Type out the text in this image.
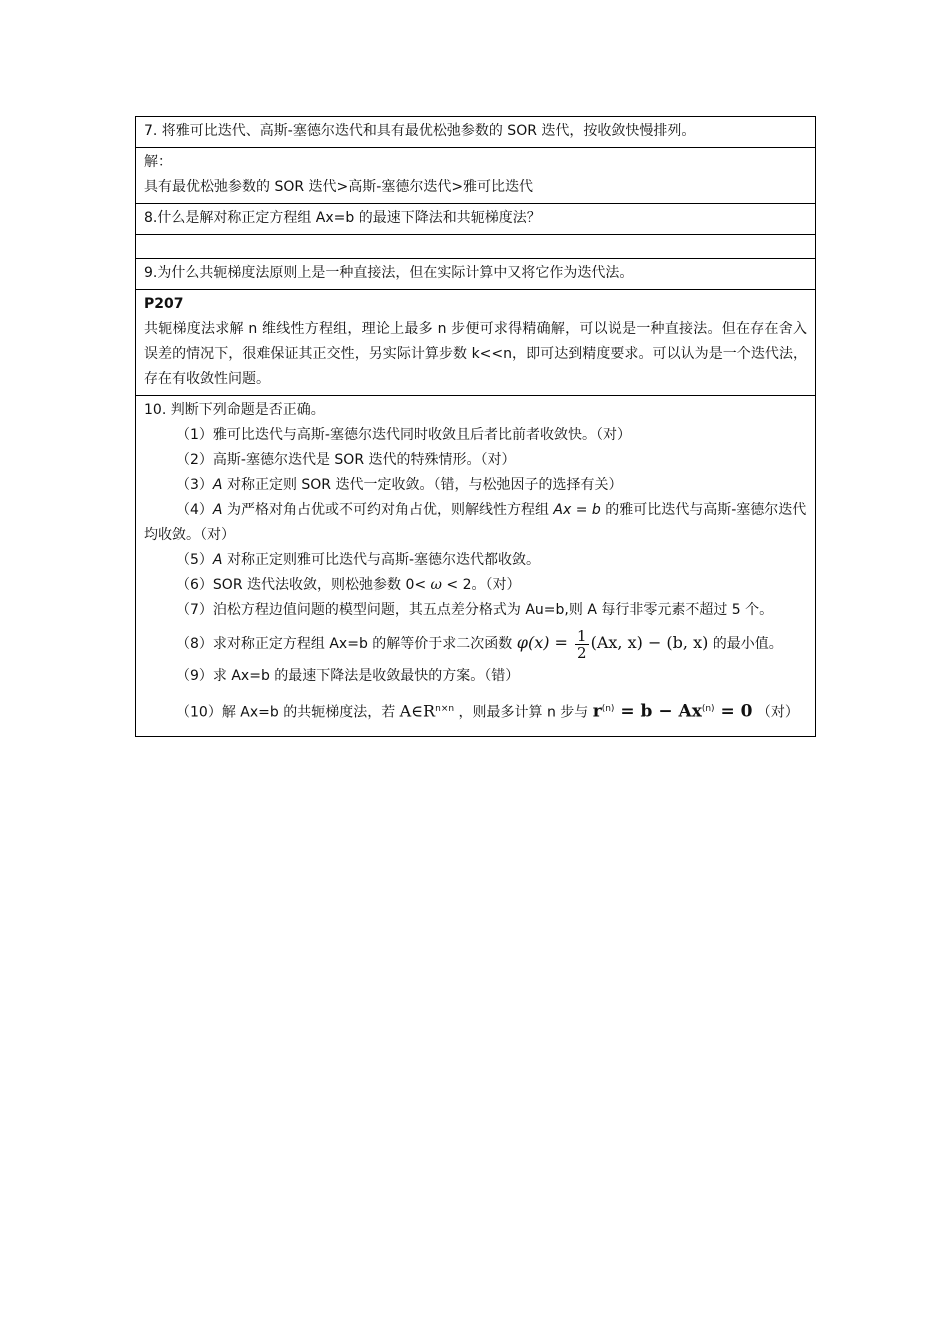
7. 将雅可比迭代、高斯-塞德尔迭代和具有最优松弛参数的 SOR 迭代，按收敛快慢排列。

解：

具有最优松弛参数的 SOR 迭代>高斯-塞德尔迭代>雅可比迭代

8.什么是解对称正定方程组 Ax=b 的最速下降法和共轭梯度法？

9.为什么共轭梯度法原则上是一种直接法，但在实际计算中又将它作为迭代法。

P207

共轭梯度法求解 n 维线性方程组，理论上最多 n 步便可求得精确解，可以说是一种直接法。但在存在舍入误差的情况下，很难保证其正交性，另实际计算步数 k<<n，即可达到精度要求。可以认为是一个迭代法，存在有收敛性问题。

10. 判断下列命题是否正确。

（1）雅可比迭代与高斯-塞德尔迭代同时收敛且后者比前者收敛快。（对）

（2）高斯-塞德尔迭代是 SOR 迭代的特殊情形。（对）

（3）A 对称正定则 SOR 迭代一定收敛。（错，与松弛因子的选择有关）

（4）A 为严格对角占优或不可约对角占优，则解线性方程组 Ax = b 的雅可比迭代与高斯-塞德尔迭代均收敛。（对）

（5）A 对称正定则雅可比迭代与高斯-塞德尔迭代都收敛。

（6）SOR 迭代法收敛，则松弛参数 0< ω < 2。（对）

（7）泊松方程边值问题的模型问题，其五点差分格式为 Au=b,则 A 每行非零元素不超过 5 个。

（8）求对称正定方程组 Ax=b 的解等价于求二次函数 $\varphi(x) = \frac{1}{2} (Ax$, x) − (b, x) 的最小值。

（9）求 Ax=b 的最速下降法是收敛最快的方案。（错）

（10）解 Ax=b 的共轭梯度法，若 $A\in R^{n\times n}$ ，则最多计算 n 步与 $r^{(n)} = b - Ax^{(n)} = 0$ （对）
